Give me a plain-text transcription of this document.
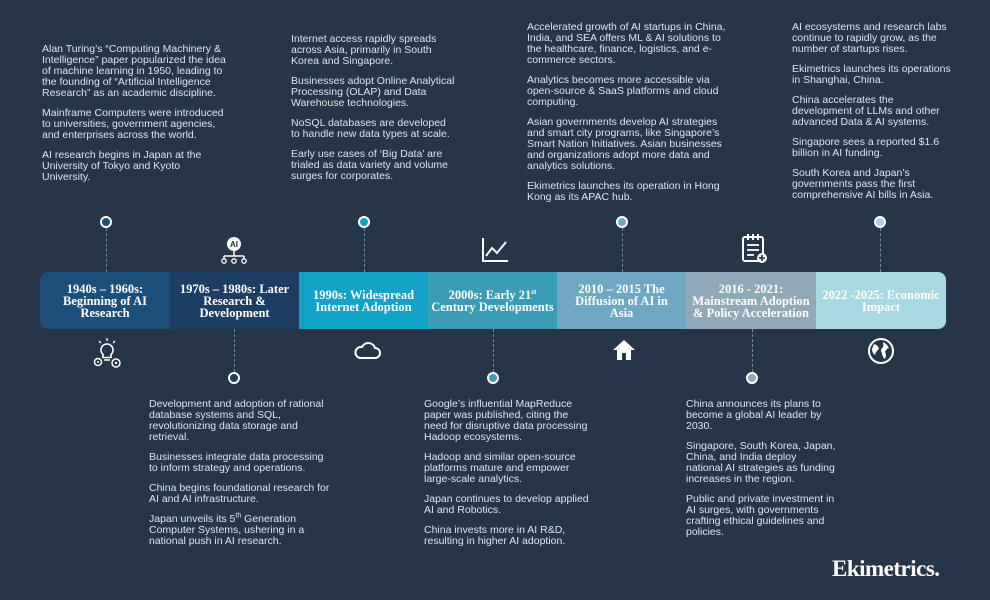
Alan Turing’s “Computing Machinery & Intelligence” paper popularized the idea of machine learning in 1950, leading to the founding of “Artificial Intelligence Research” as an academic discipline.

Mainframe Computers were introduced to universities, government agencies, and enterprises across the world.

AI research begins in Japan at the University of Tokyo and Kyoto University.

Internet access rapidly spreads across Asia, primarily in South Korea and Singapore.

Businesses adopt Online Analytical Processing (OLAP) and Data Warehouse technologies.

NoSQL databases are developed to handle new data types at scale.

Early use cases of ‘Big Data’ are trialed as data variety and volume surges for corporates.

Accelerated growth of AI startups in China, India, and SEA offers ML & AI solutions to the healthcare, finance, logistics, and e-commerce sectors.

Analytics becomes more accessible via open-source & SaaS platforms and cloud computing.

Asian governments develop AI strategies and smart city programs, like Singapore’s Smart Nation Initiatives. Asian businesses and organizations adopt more data and analytics solutions.

Ekimetrics launches its operation in Hong Kong as its APAC hub.

AI ecosystems and research labs continue to rapidly grow, as the number of startups rises.

Ekimetrics launches its operations in Shanghai, China.

China accelerates the development of LLMs and other advanced Data & AI systems.

Singapore sees a reported $1.6 billion in AI funding.

South Korea and Japan’s governments pass the first comprehensive AI bills in Asia.

AI
1940s – 1960s: Beginning of AI Research
1970s – 1980s: Later Research & Development
1990s: Widespread Internet Adoption
2000s: Early 21st Century Developments
2010 – 2015 The Diffusion of AI in Asia
2016 - 2021: Mainstream Adoption & Policy Acceleration
2022 -2025: Economic Impact

Development and adoption of rational database systems and SQL, revolutionizing data storage and retrieval.

Businesses integrate data processing to inform strategy and operations.

China begins foundational research for AI and AI infrastructure.

Japan unveils its 5th Generation Computer Systems, ushering in a national push in AI research.

Google’s influential MapReduce paper was published, citing the need for disruptive data processing Hadoop ecosystems.

Hadoop and similar open-source platforms mature and empower large-scale analytics.

Japan continues to develop applied AI and Robotics.

China invests more in AI R&D, resulting in higher AI adoption.

China announces its plans to become a global AI leader by 2030.

Singapore, South Korea, Japan, China, and India deploy national AI strategies as funding increases in the region.

Public and private investment in AI surges, with governments crafting ethical guidelines and policies.

Ekimetrics.
